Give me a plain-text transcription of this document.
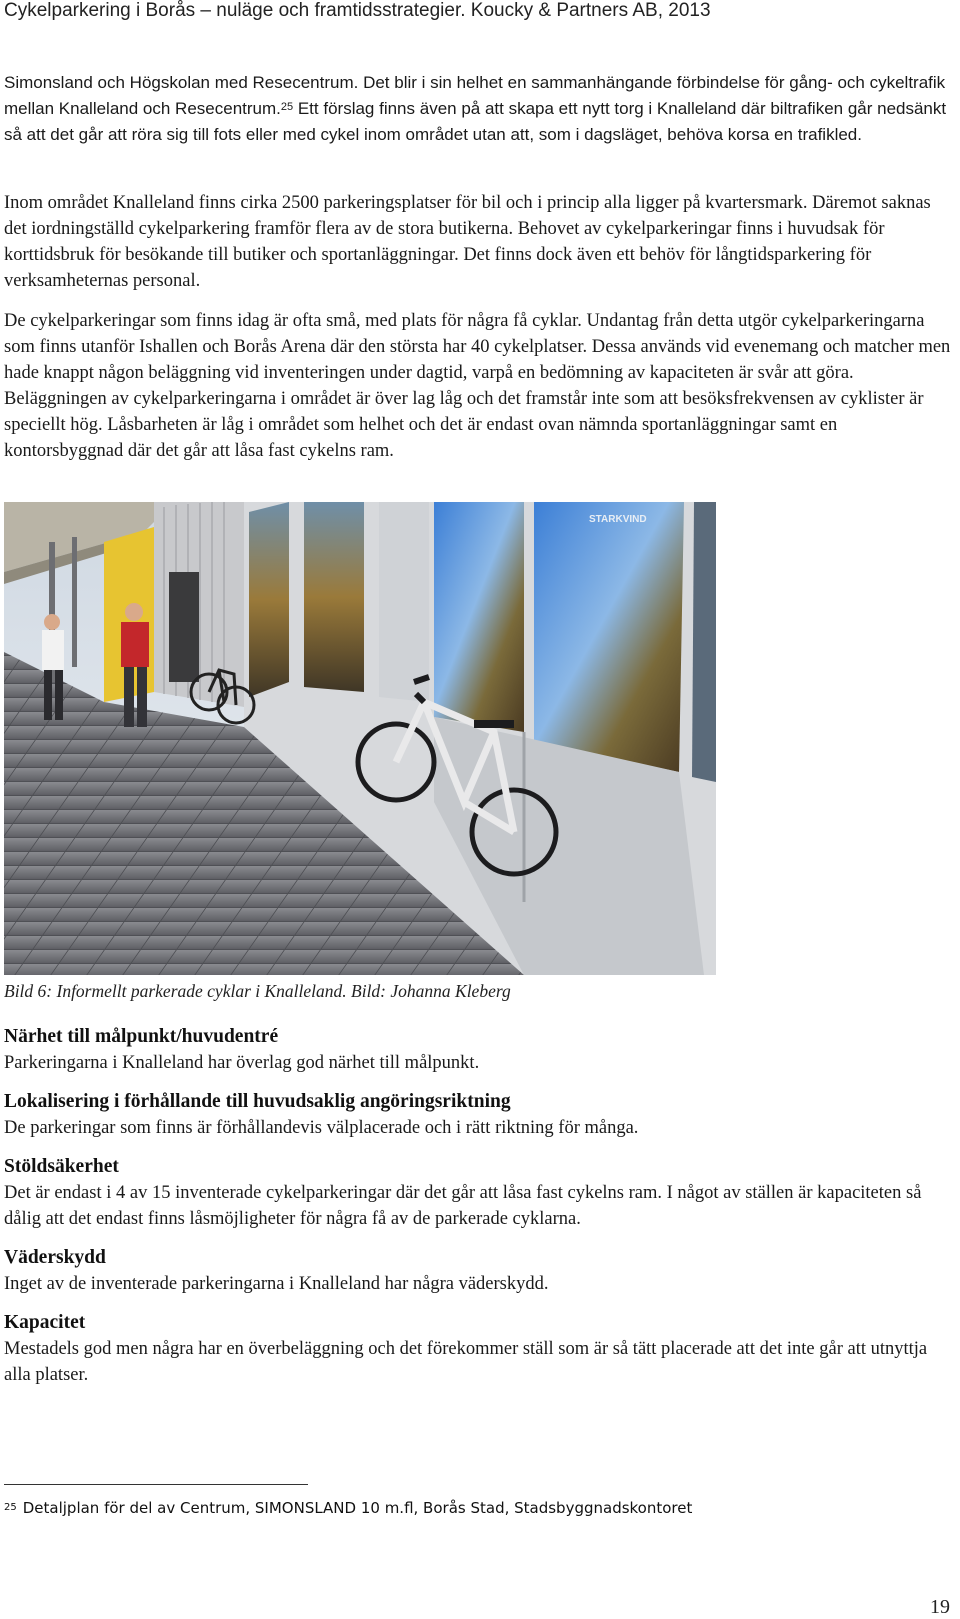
Cykelparkering i Borås – nuläge och framtidsstrategier. Koucky & Partners AB, 2013

Simonsland och Högskolan med Resecentrum. Det blir i sin helhet en sammanhängande förbindelse för gång- och cykeltrafik mellan Knalleland och Resecentrum.$^{25}$ Ett förslag finns även på att skapa ett nytt torg i Knalleland där biltrafiken går nedsänkt så att det går att röra sig till fots eller med cykel inom området utan att, som i dagsläget, behöva korsa en trafikled.

Inom området Knalleland finns cirka 2500 parkeringsplatser för bil och i princip alla ligger på kvartersmark. Däremot saknas det iordningställd cykelparkering framför flera av de stora butikerna. Behovet av cykelparkeringar finns i huvudsak för korttidsbruk för besökande till butiker och sportanläggningar. Det finns dock även ett behöv för långtidsparkering för verksamheternas personal.

De cykelparkeringar som finns idag är ofta små, med plats för några få cyklar. Undantag från detta utgör cykelparkeringarna som finns utanför Ishallen och Borås Arena där den största har 40 cykelplatser. Dessa används vid evenemang och matcher men hade knappt någon beläggning vid inventeringen under dagtid, varpå en bedömning av kapaciteten är svår att göra. Beläggningen av cykelparkeringarna i området är över lag låg och det framstår inte som att besöksfrekvensen av cyklister är speciellt hög. Låsbarheten är låg i området som helhet och det är endast ovan nämnda sportanläggningar samt en kontorsbyggnad där det går att låsa fast cykelns ram.

STARKVIND
Bild 6: Informellt parkerade cyklar i Knalleland. Bild: Johanna Kleberg
Närhet till målpunkt/huvudentré

Parkeringarna i Knalleland har överlag god närhet till målpunkt.

Lokalisering i förhållande till huvudsaklig angöringsriktning

De parkeringar som finns är förhållandevis välplacerade och i rätt riktning för många.

Stöldsäkerhet

Det är endast i 4 av 15 inventerade cykelparkeringar där det går att låsa fast cykelns ram. I något av ställen är kapaciteten så dålig att det endast finns låsmöjligheter för några få av de parkerade cyklarna.

Väderskydd

Inget av de inventerade parkeringarna i Knalleland har några väderskydd.

Kapacitet

Mestadels god men några har en överbeläggning och det förekommer ställ som är så tätt placerade att det inte går att utnyttja alla platser.

$^{25}$ Detaljplan för del av Centrum, SIMONSLAND 10 m.fl, Borås Stad, Stadsbyggnadskontoret
19
